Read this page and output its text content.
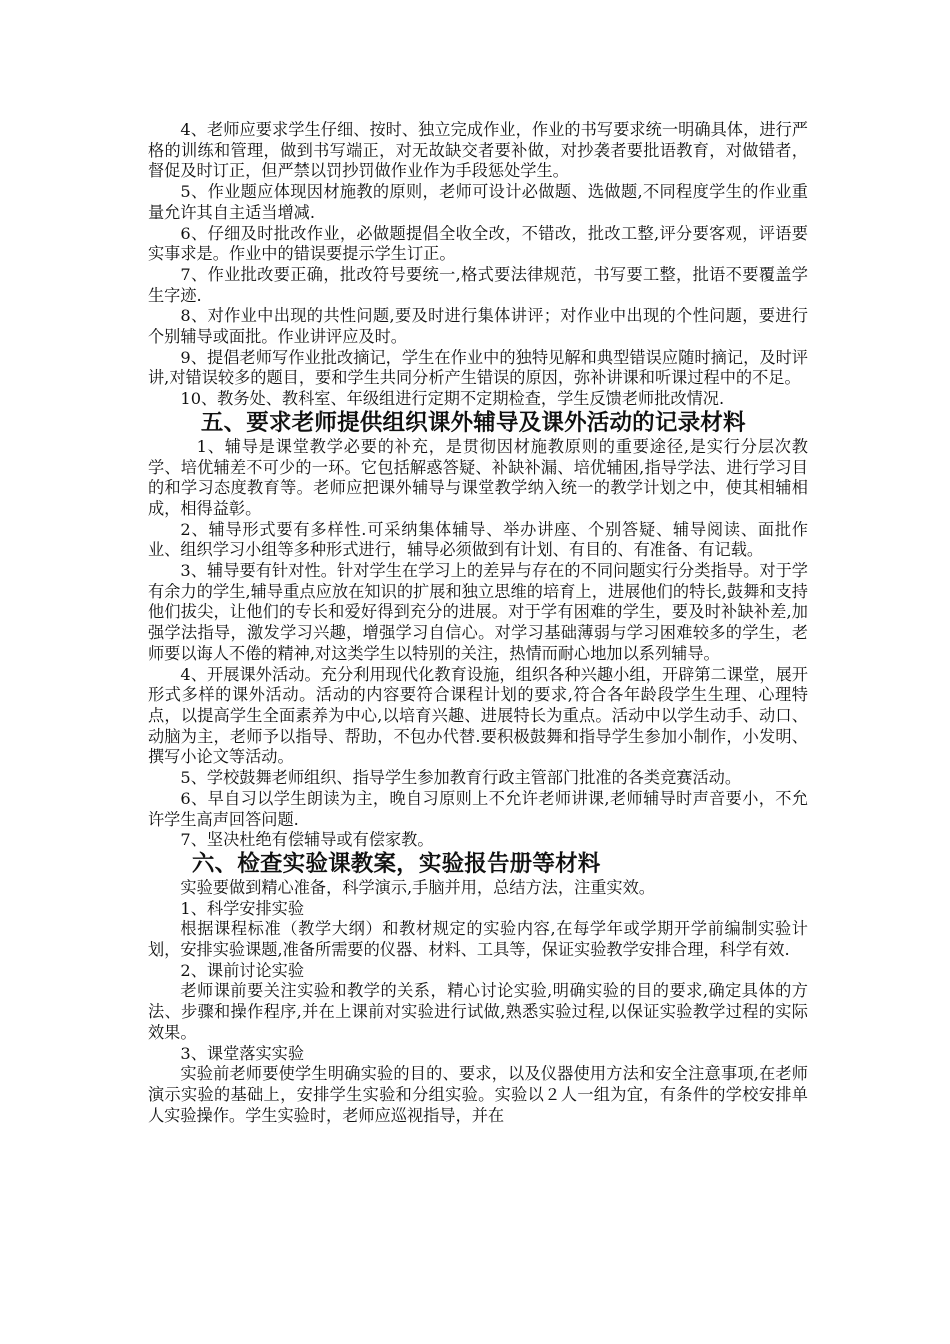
4、老师应要求学生仔细、按时、独立完成作业，作业的书写要求统一明确具体，进行严格的训练和管理，做到书写端正，对无故缺交者要补做，对抄袭者要批语教育，对做错者，督促及时订正，但严禁以罚抄罚做作业作为手段惩处学生。

5、作业题应体现因材施教的原则，老师可设计必做题、选做题,不同程度学生的作业重量允许其自主适当增减.

6、仔细及时批改作业，必做题提倡全收全改，不错改，批改工整,评分要客观，评语要实事求是。作业中的错误要提示学生订正。

7、作业批改要正确，批改符号要统一,格式要法律规范，书写要工整，批语不要覆盖学生字迹.

8、对作业中出现的共性问题,要及时进行集体讲评；对作业中出现的个性问题，要进行个别辅导或面批。作业讲评应及时。

9、提倡老师写作业批改摘记，学生在作业中的独特见解和典型错误应随时摘记，及时评讲,对错误较多的题目，要和学生共同分析产生错误的原因，弥补讲课和听课过程中的不足。

10、教务处、教科室、年级组进行定期不定期检查，学生反馈老师批改情况.

五、要求老师提供组织课外辅导及课外活动的记录材料

1、辅导是课堂教学必要的补充，是贯彻因材施教原则的重要途径,是实行分层次教学、培优辅差不可少的一环。它包括解惑答疑、补缺补漏、培优辅困,指导学法、进行学习目的和学习态度教育等。老师应把课外辅导与课堂教学纳入统一的教学计划之中，使其相辅相成，相得益彰。

2、辅导形式要有多样性.可采纳集体辅导、举办讲座、个别答疑、辅导阅读、面批作业、组织学习小组等多种形式进行，辅导必须做到有计划、有目的、有准备、有记载。

3、辅导要有针对性。针对学生在学习上的差异与存在的不同问题实行分类指导。对于学有余力的学生,辅导重点应放在知识的扩展和独立思维的培育上，进展他们的特长,鼓舞和支持他们拔尖，让他们的专长和爱好得到充分的进展。对于学有困难的学生，要及时补缺补差,加强学法指导，激发学习兴趣，增强学习自信心。对学习基础薄弱与学习困难较多的学生，老师要以诲人不倦的精神,对这类学生以特别的关注，热情而耐心地加以系列辅导。

4、开展课外活动。充分利用现代化教育设施，组织各种兴趣小组，开辟第二课堂，展开形式多样的课外活动。活动的内容要符合课程计划的要求,符合各年龄段学生生理、心理特点，以提高学生全面素养为中心,以培育兴趣、进展特长为重点。活动中以学生动手、动口、动脑为主，老师予以指导、帮助，不包办代替.要积极鼓舞和指导学生参加小制作，小发明、撰写小论文等活动。

5、学校鼓舞老师组织、指导学生参加教育行政主管部门批准的各类竞赛活动。

6、早自习以学生朗读为主，晚自习原则上不允许老师讲课,老师辅导时声音要小，不允许学生高声回答问题.

7、坚决杜绝有偿辅导或有偿家教。

六、检查实验课教案，实验报告册等材料

实验要做到精心准备，科学演示,手脑并用，总结方法，注重实效。

1、科学安排实验

根据课程标准（教学大纲）和教材规定的实验内容,在每学年或学期开学前编制实验计划，安排实验课题,准备所需要的仪器、材料、工具等，保证实验教学安排合理，科学有效.

2、课前讨论实验

老师课前要关注实验和教学的关系，精心讨论实验,明确实验的目的要求,确定具体的方法、步骤和操作程序,并在上课前对实验进行试做,熟悉实验过程,以保证实验教学过程的实际效果。

3、课堂落实实验

实验前老师要使学生明确实验的目的、要求，以及仪器使用方法和安全注意事项,在老师演示实验的基础上，安排学生实验和分组实验。实验以２人一组为宜，有条件的学校安排单人实验操作。学生实验时，老师应巡视指导，并在
